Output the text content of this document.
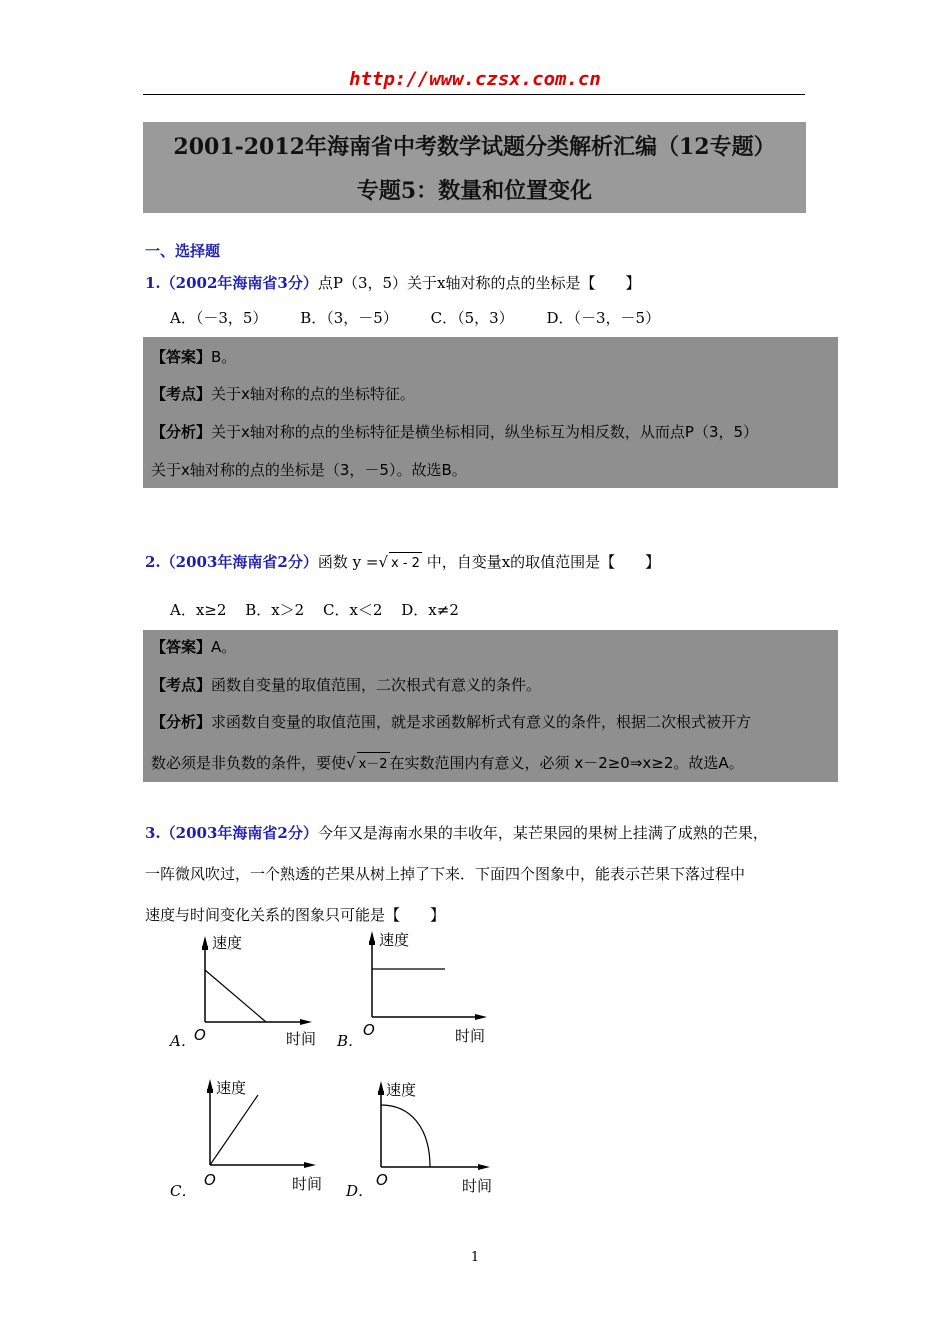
http://www.czsx.com.cn
2001-2012年海南省中考数学试题分类解析汇编（12专题）
专题5：数量和位置变化
一、选择题
1.（2002年海南省3分）点P（3，5）关于x轴对称的点的坐标是【　　】
A．（－3，5） B．（3，－5） C．（5，3） D．（－3，－5）
【答案】B。
【考点】关于x轴对称的点的坐标特征。
【分析】关于x轴对称的点的坐标特征是横坐标相同，纵坐标互为相反数，从而点P（3，5）
关于x轴对称的点的坐标是（3，－5）。故选B。
2.（2003年海南省2分）函数 y =√ x - 2 中，自变量x的取值范围是【　　】
A．x≥2 B．x＞2 C．x＜2 D．x≠2
【答案】A。
【考点】函数自变量的取值范围，二次根式有意义的条件。
【分析】求函数自变量的取值范围，就是求函数解析式有意义的条件，根据二次根式被开方
数必须是非负数的条件，要使√ x－2 在实数范围内有意义，必须 x－2≥0⇒x≥2。故选A。
3.（2003年海南省2分）今年又是海南水果的丰收年，某芒果园的果树上挂满了成熟的芒果，
一阵微风吹过，一个熟透的芒果从树上掉了下来．下面四个图象中，能表示芒果下落过程中
速度与时间变化关系的图象只可能是【　　】
A．
速度
O	时间 B．
速度
O	时间
C．
速度
O	时间 D．
速度
O	时间
1
